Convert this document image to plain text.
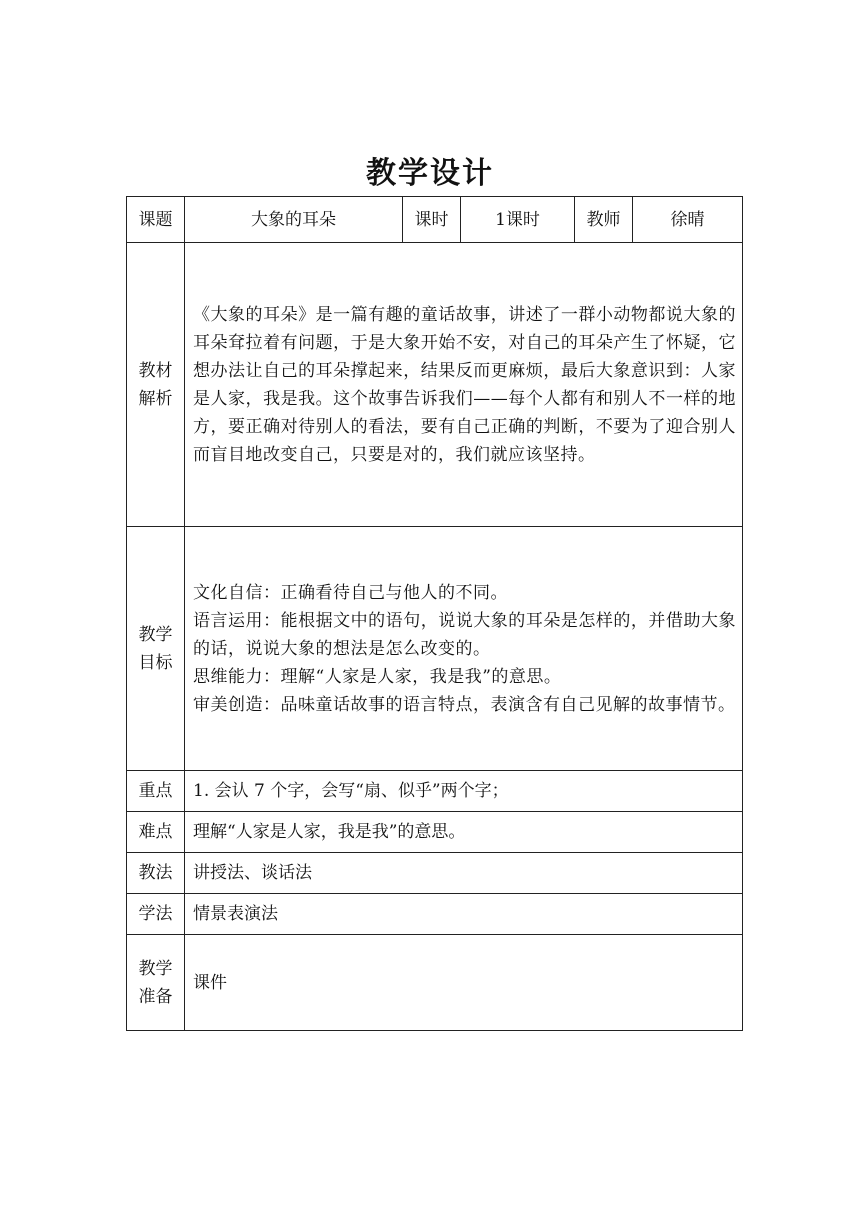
教学设计
课题	大象的耳朵	课时	1课时	教师	徐晴
教材解析	《大象的耳朵》是一篇有趣的童话故事，讲述了一群小动物都说大象的耳朵耷拉着有问题，于是大象开始不安，对自己的耳朵产生了怀疑，它想办法让自己的耳朵撑起来，结果反而更麻烦，最后大象意识到：人家是人家，我是我。这个故事告诉我们——每个人都有和别人不一样的地方，要正确对待别人的看法，要有自己正确的判断，不要为了迎合别人而盲目地改变自己，只要是对的，我们就应该坚持。				
教学目标	文化自信：正确看待自己与他人的不同。
语言运用：能根据文中的语句，说说大象的耳朵是怎样的，并借助大象的话，说说大象的想法是怎么改变的。
思维能力：理解“人家是人家，我是我”的意思。
审美创造：品味童话故事的语言特点，表演含有自己见解的故事情节。				

重点	1. 会认 7 个字，会写“扇、似乎”两个字；				
难点	理解“人家是人家，我是我”的意思。				
教法	讲授法、谈话法				
学法	情景表演法				
教学准备	课件				
